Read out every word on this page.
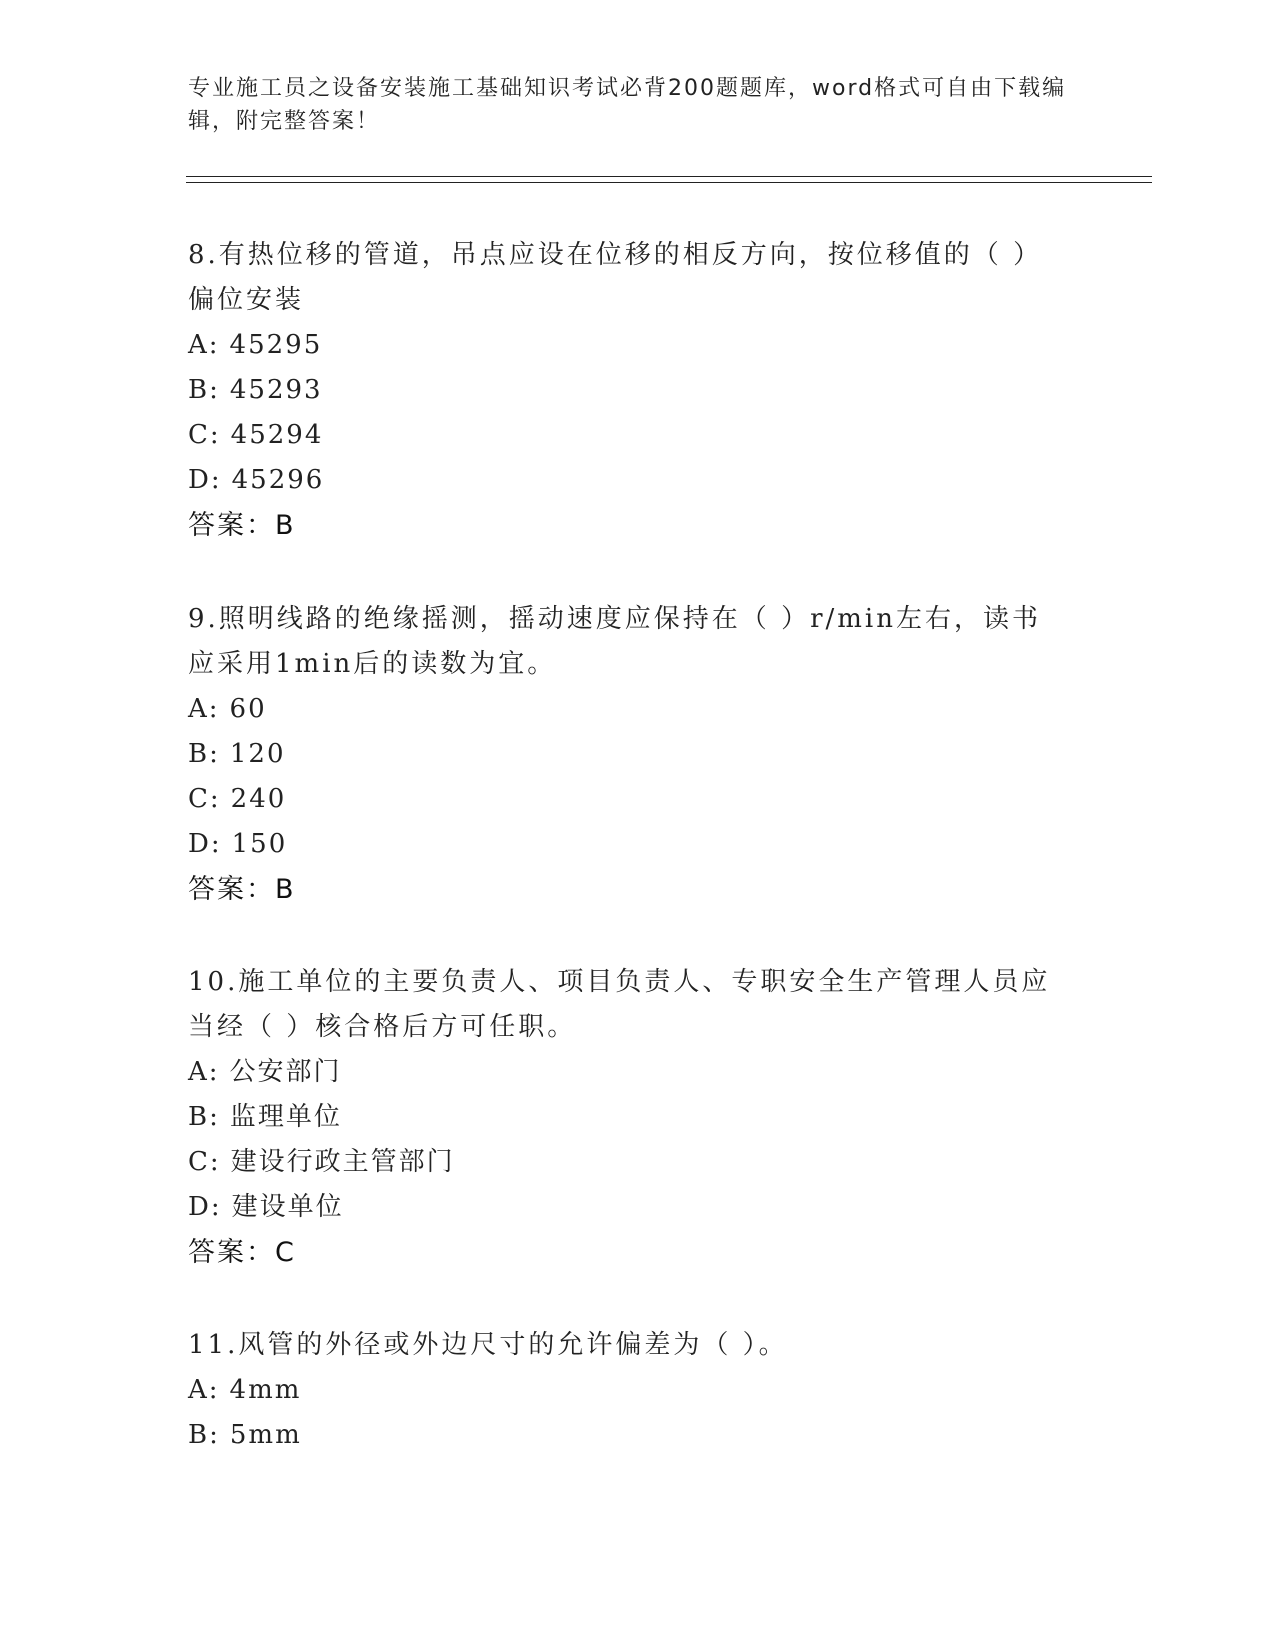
专业施工员之设备安装施工基础知识考试必背200题题库，word格式可自由下载编辑，附完整答案！
8.有热位移的管道，吊点应设在位移的相反方向，按位移值的（ ）偏位安装
A: 45295
B: 45293
C: 45294
D: 45296
答案：B
9.照明线路的绝缘摇测，摇动速度应保持在（ ）r/min左右，读书应采用1min后的读数为宜。
A: 60
B: 120
C: 240
D: 150
答案：B
10.施工单位的主要负责人、项目负责人、专职安全生产管理人员应当经（ ）核合格后方可任职。
A: 公安部门
B: 监理单位
C: 建设行政主管部门
D: 建设单位
答案：C
11.风管的外径或外边尺寸的允许偏差为（ ）。
A: 4mm
B: 5mm
